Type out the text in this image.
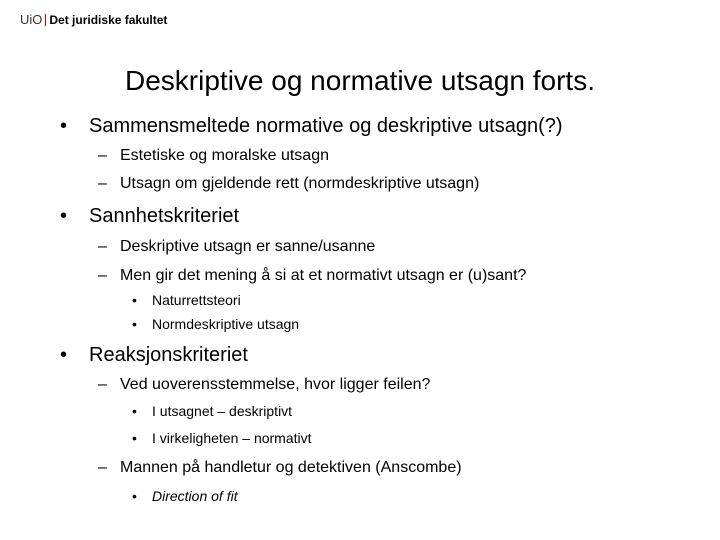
UiO Det juridiske fakultet
Deskriptive og normative utsagn forts.
• Sammensmeltede normative og deskriptive utsagn(?)
– Estetiske og moralske utsagn
– Utsagn om gjeldende rett (normdeskriptive utsagn)
• Sannhetskriteriet
– Deskriptive utsagn er sanne/usanne
– Men gir det mening å si at et normativt utsagn er (u)sant?
• Naturrettsteori
• Normdeskriptive utsagn
• Reaksjonskriteriet
– Ved uoverensstemmelse, hvor ligger feilen?
• I utsagnet – deskriptivt
• I virkeligheten – normativt
– Mannen på handletur og detektiven (Anscombe)
• Direction of fit
